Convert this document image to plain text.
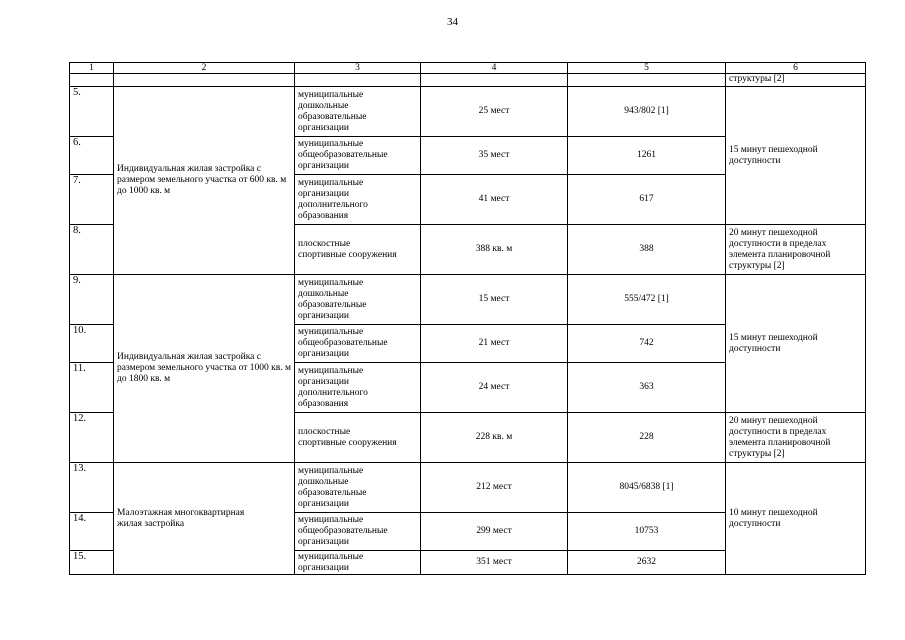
34
1	2	3	4	5	6
					структуры [2]
5.	Индивидуальная жилая застройка с размером земельного участка от 600 кв. м
до 1000 кв. м	муниципальные
дошкольные
образовательные
организации	25 мест	943/802 [1]	15 минут пешеходной
доступности
6.		муниципальные
общеобразовательные
организации	35 мест	1261	
7.		муниципальные
организации
дополнительного
образования	41 мест	617	
8.		плоскостные
спортивные сооружения	388 кв. м	388	20 минут пешеходной
доступности в пределах
элемента планировочной
структуры [2]
9.	Индивидуальная жилая застройка с размером земельного участка от 1000 кв. м
до 1800 кв. м	муниципальные
дошкольные
образовательные
организации	15 мест	555/472 [1]	15 минут пешеходной
доступности
10.		муниципальные
общеобразовательные
организации	21 мест	742	
11.		муниципальные
организации
дополнительного
образования	24 мест	363	
12.		плоскостные
спортивные сооружения	228 кв. м	228	20 минут пешеходной
доступности в пределах
элемента планировочной
структуры [2]
13.	Малоэтажная многоквартирная
жилая застройка	муниципальные
дошкольные
образовательные
организации	212 мест	8045/6838 [1]	10 минут пешеходной
доступности
14.		муниципальные
общеобразовательные
организации	299 мест	10753	
15.		муниципальные
организации	351 мест	2632	
